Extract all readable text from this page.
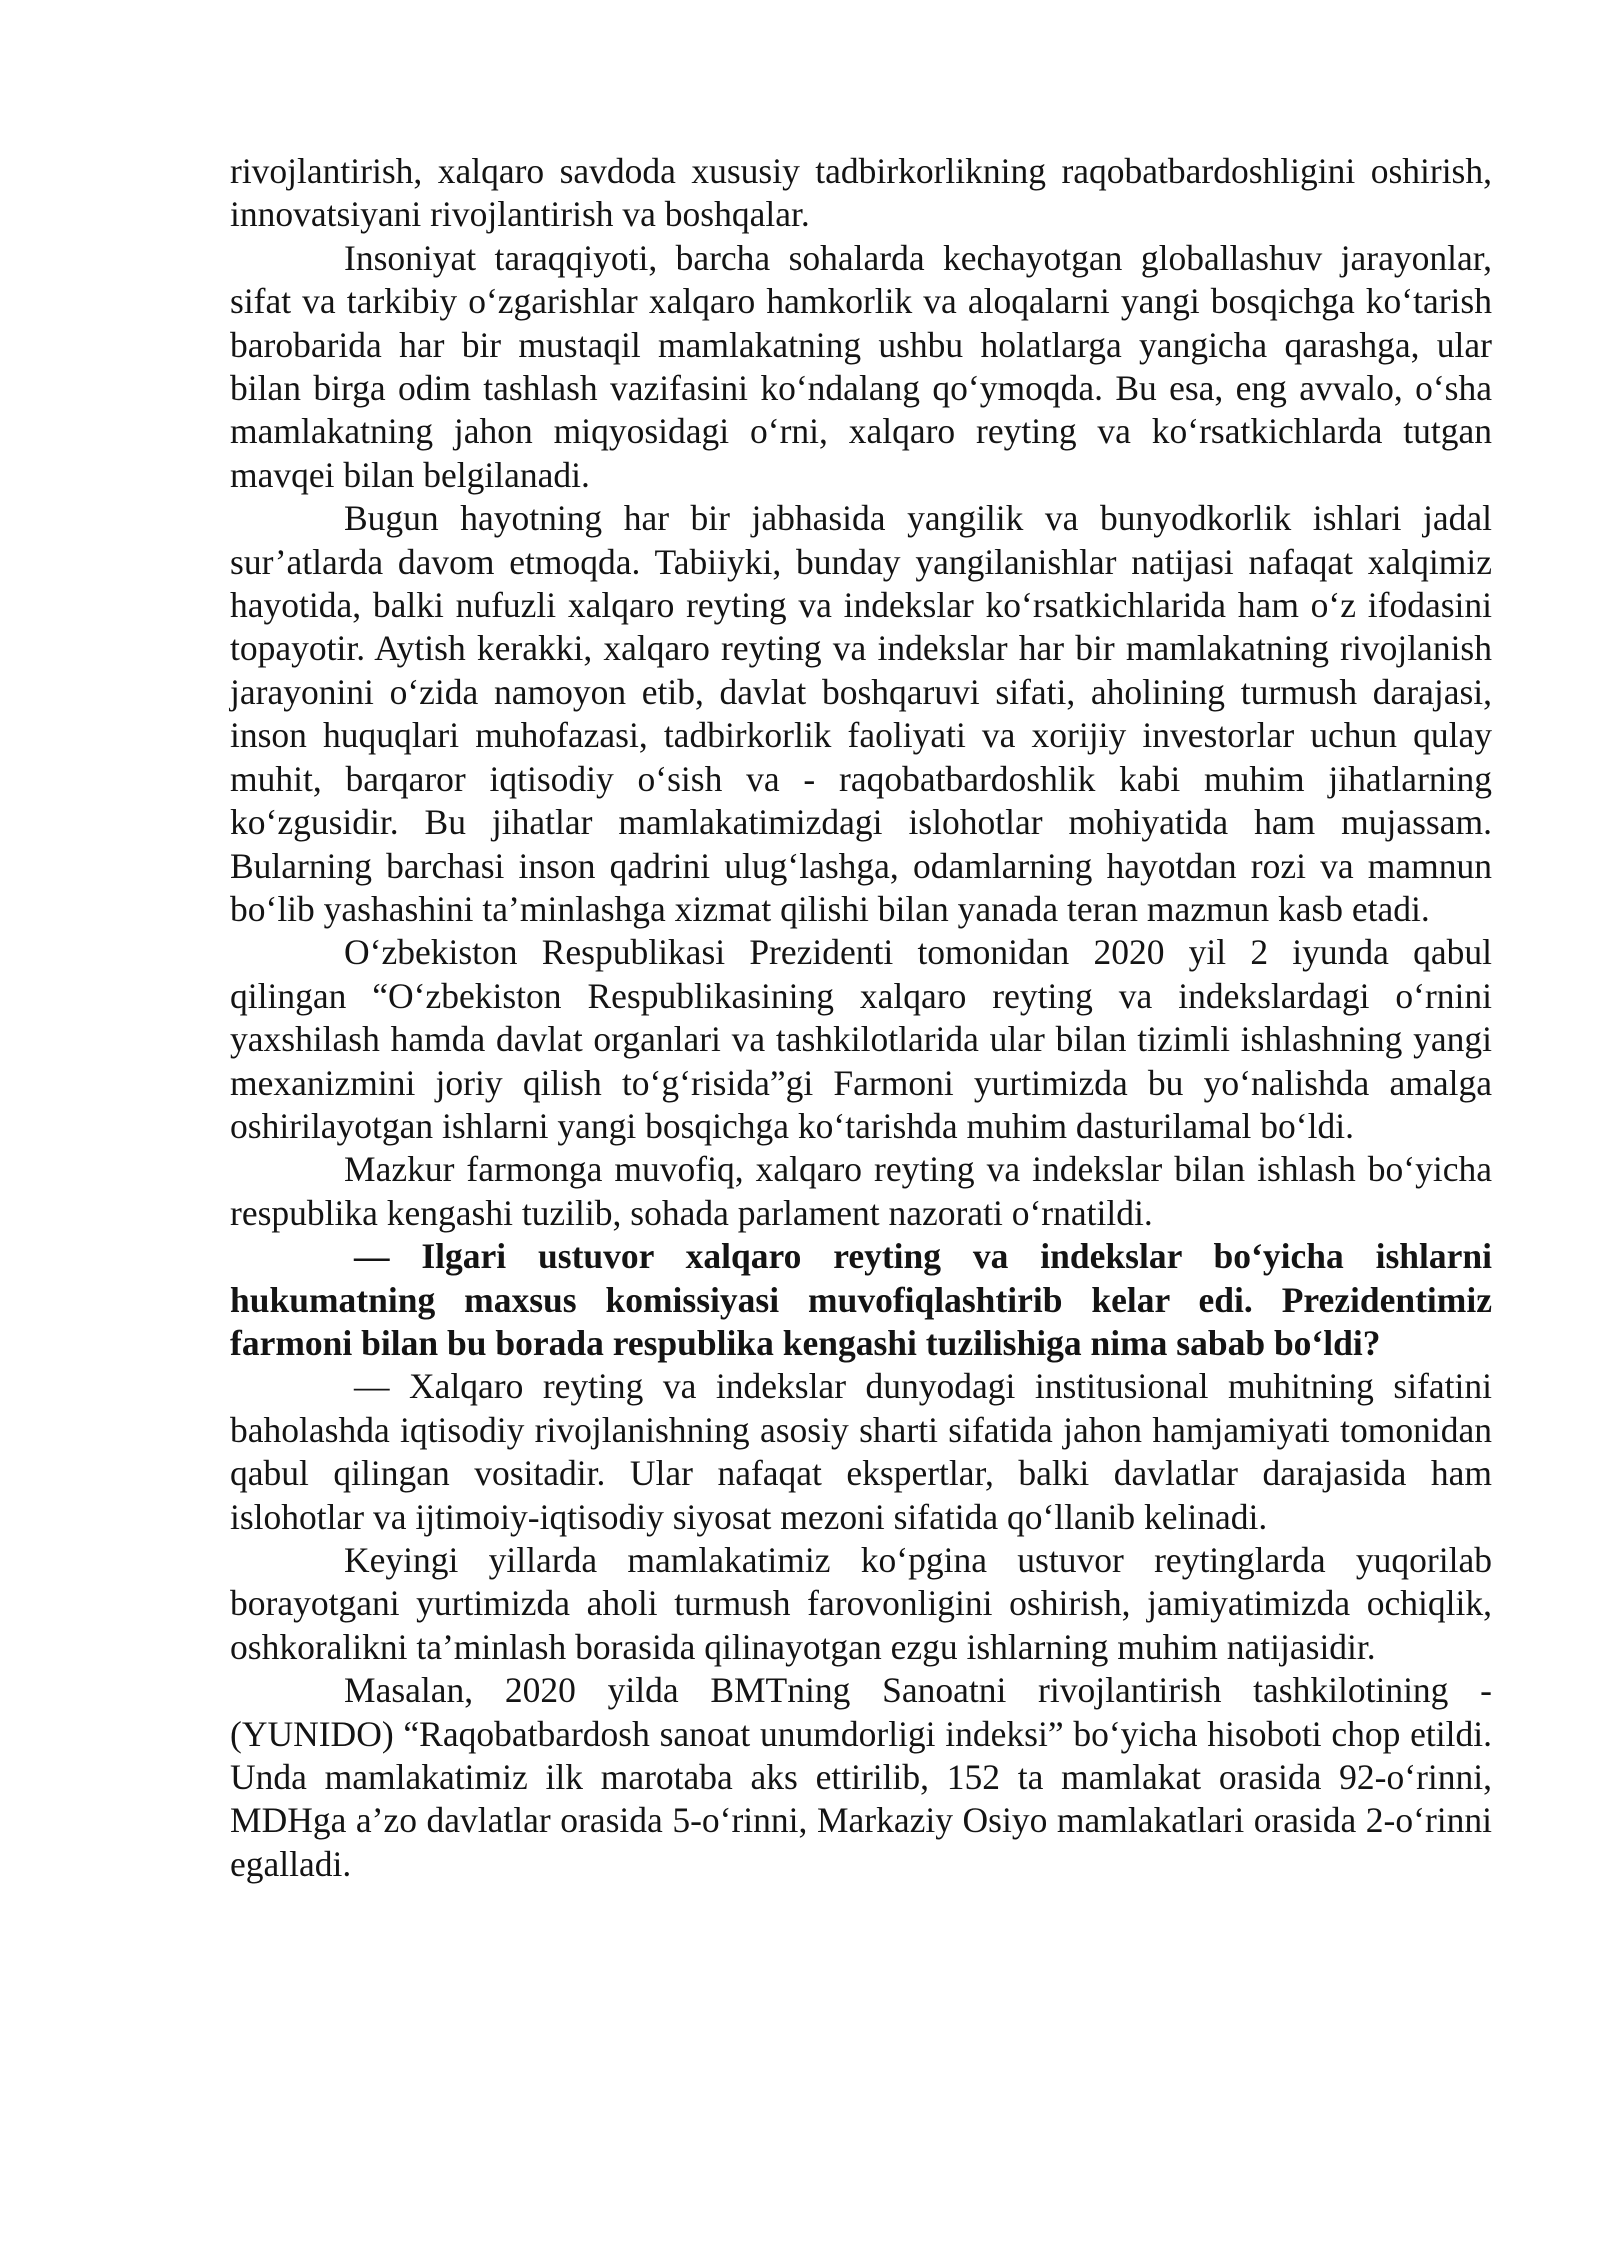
rivojlantirish, xalqaro savdoda xususiy tadbirkorlikning raqobatbardoshligini oshirish, innovatsiyani rivojlantirish va boshqalar.

Insoniyat taraqqiyoti, barcha sohalarda kechayotgan globallashuv jarayonlar, sifat va tarkibiy oʻzgarishlar xalqaro hamkorlik va aloqalarni yangi bosqichga koʻtarish barobarida har bir mustaqil mamlakatning ushbu holatlarga yangicha qarashga, ular bilan birga odim tashlash vazifasini koʻndalang qoʻymoqda. Bu esa, eng avvalo, oʻsha mamlakatning jahon miqyosidagi oʻrni, xalqaro reyting va koʻrsatkichlarda tutgan mavqei bilan belgilanadi.

Bugun hayotning har bir jabhasida yangilik va bunyodkorlik ishlari jadal sur’atlarda davom etmoqda. Tabiiyki, bunday yangilanishlar natijasi nafaqat xalqimiz hayotida, balki nufuzli xalqaro reyting va indekslar koʻrsatkichlarida ham oʻz ifodasini topayotir. Aytish kerakki, xalqaro reyting va indekslar har bir mamlakatning rivojlanish jarayonini oʻzida namoyon etib, davlat boshqaruvi sifati, aholining turmush darajasi, inson huquqlari muhofazasi, tadbirkorlik faoliyati va xorijiy investorlar uchun qulay muhit, barqaror iqtisodiy oʻsish va - raqobatbardoshlik kabi muhim jihatlarning koʻzgusidir. Bu jihatlar mamlakatimizdagi islohotlar mohiyatida ham mujassam. Bularning barchasi inson qadrini ulugʻlashga, odamlarning hayotdan rozi va mamnun boʻlib yashashini ta’minlashga xizmat qilishi bilan yanada teran mazmun kasb etadi.

Oʻzbekiston Respublikasi Prezidenti tomonidan 2020 yil 2 iyunda qabul qilingan “Oʻzbekiston Respublikasining xalqaro reyting va indekslardagi oʻrnini yaxshilash hamda davlat organlari va tashkilotlarida ular bilan tizimli ishlashning yangi mexanizmini joriy qilish toʻgʻrisida”gi Farmoni yurtimizda bu yoʻnalishda amalga oshirilayotgan ishlarni yangi bosqichga koʻtarishda muhim dasturilamal boʻldi.

Mazkur farmonga muvofiq, xalqaro reyting va indekslar bilan ishlash boʻyicha respublika kengashi tuzilib, sohada parlament nazorati oʻrnatildi.

— Ilgari ustuvor xalqaro reyting va indekslar boʻyicha ishlarni hukumatning maxsus komissiyasi muvofiqlashtirib kelar edi. Prezidentimiz farmoni bilan bu borada respublika kengashi tuzilishiga nima sabab boʻldi?

— Xalqaro reyting va indekslar dunyodagi institusional muhitning sifatini baholashda iqtisodiy rivojlanishning asosiy sharti sifatida jahon hamjamiyati tomonidan qabul qilingan vositadir. Ular nafaqat ekspertlar, balki davlatlar darajasida ham islohotlar va ijtimoiy-iqtisodiy siyosat mezoni sifatida qoʻllanib kelinadi.

Keyingi yillarda mamlakatimiz koʻpgina ustuvor reytinglarda yuqorilab borayotgani yurtimizda aholi turmush farovonligini oshirish, jamiyatimizda ochiqlik, oshkoralikni ta’minlash borasida qilinayotgan ezgu ishlarning muhim natijasidir.

Masalan, 2020 yilda BMTning Sanoatni rivojlantirish tashkilotining - (YUNIDO) “Raqobatbardosh sanoat unumdorligi indeksi” boʻyicha hisoboti chop etildi. Unda mamlakatimiz ilk marotaba aks ettirilib, 152 ta mamlakat orasida 92-oʻrinni, MDHga a’zo davlatlar orasida 5-oʻrinni, Markaziy Osiyo mamlakatlari orasida 2-oʻrinni egalladi.
